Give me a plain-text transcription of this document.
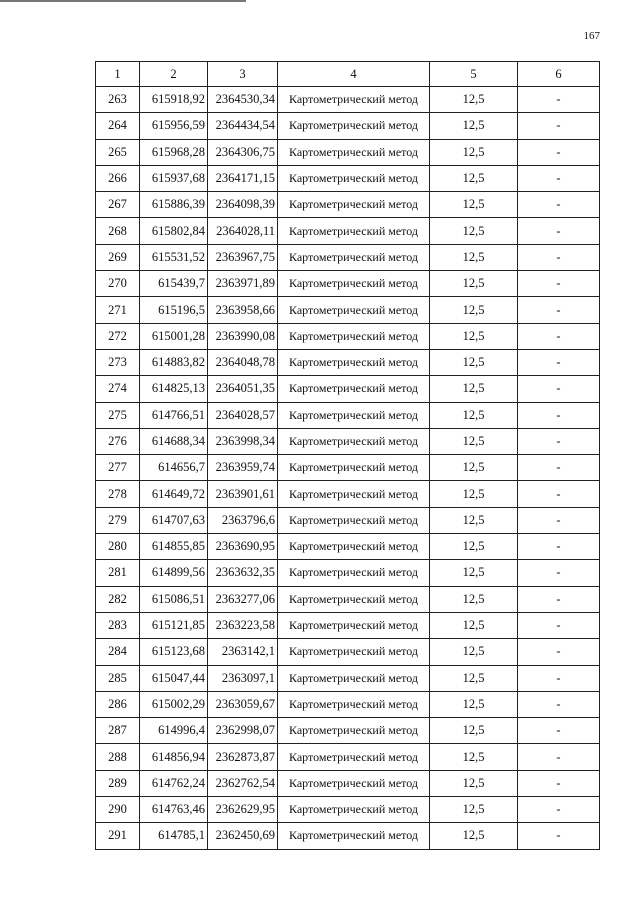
167
1	2	3	4	5	6
263	615918,92	2364530,34	Картометрический метод	12,5	-
264	615956,59	2364434,54	Картометрический метод	12,5	-
265	615968,28	2364306,75	Картометрический метод	12,5	-
266	615937,68	2364171,15	Картометрический метод	12,5	-
267	615886,39	2364098,39	Картометрический метод	12,5	-
268	615802,84	2364028,11	Картометрический метод	12,5	-
269	615531,52	2363967,75	Картометрический метод	12,5	-
270	615439,7	2363971,89	Картометрический метод	12,5	-
271	615196,5	2363958,66	Картометрический метод	12,5	-
272	615001,28	2363990,08	Картометрический метод	12,5	-
273	614883,82	2364048,78	Картометрический метод	12,5	-
274	614825,13	2364051,35	Картометрический метод	12,5	-
275	614766,51	2364028,57	Картометрический метод	12,5	-
276	614688,34	2363998,34	Картометрический метод	12,5	-
277	614656,7	2363959,74	Картометрический метод	12,5	-
278	614649,72	2363901,61	Картометрический метод	12,5	-
279	614707,63	2363796,6	Картометрический метод	12,5	-
280	614855,85	2363690,95	Картометрический метод	12,5	-
281	614899,56	2363632,35	Картометрический метод	12,5	-
282	615086,51	2363277,06	Картометрический метод	12,5	-
283	615121,85	2363223,58	Картометрический метод	12,5	-
284	615123,68	2363142,1	Картометрический метод	12,5	-
285	615047,44	2363097,1	Картометрический метод	12,5	-
286	615002,29	2363059,67	Картометрический метод	12,5	-
287	614996,4	2362998,07	Картометрический метод	12,5	-
288	614856,94	2362873,87	Картометрический метод	12,5	-
289	614762,24	2362762,54	Картометрический метод	12,5	-
290	614763,46	2362629,95	Картометрический метод	12,5	-
291	614785,1	2362450,69	Картометрический метод	12,5	-
